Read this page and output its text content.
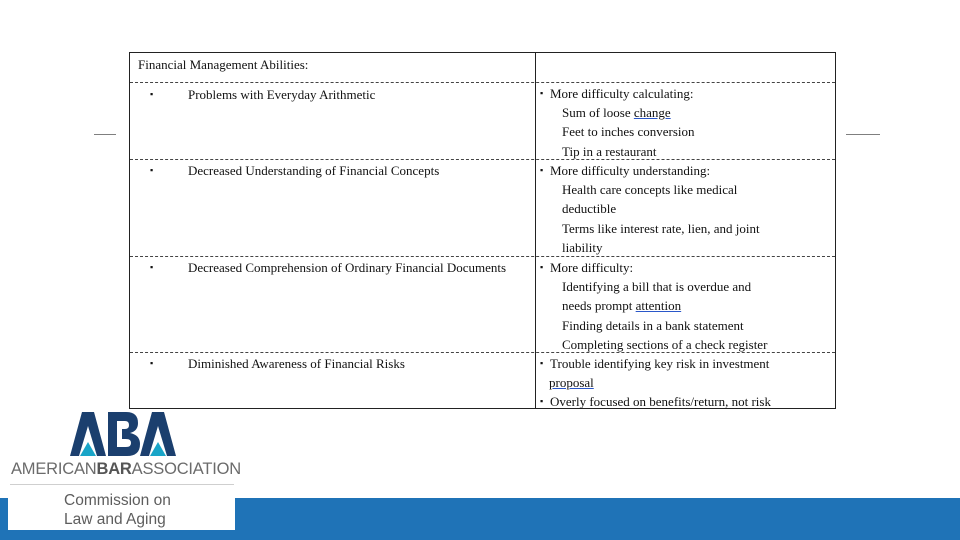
Financial Management Abilities:
▪	Problems with Everyday Arithmetic	▪ More difficulty calculating:
Sum of loose change
Feet to inches conversion
Tip in a restaurant
▪	Decreased Understanding of Financial Concepts	▪ More difficulty understanding:
Health care concepts like medical
deductible
Terms like interest rate, lien, and joint
liability
▪	Decreased Comprehension of Ordinary Financial Documents	▪ More difficulty:
Identifying a bill that is overdue and
needs prompt attention
Finding details in a bank statement
Completing sections of a check register
▪	Diminished Awareness of Financial Risks	▪ Trouble identifying key risk in investment
proposal
▪ Overly focused on benefits/return, not risk
AMERICANBARASSOCIATION
Commission on
Law and Aging
